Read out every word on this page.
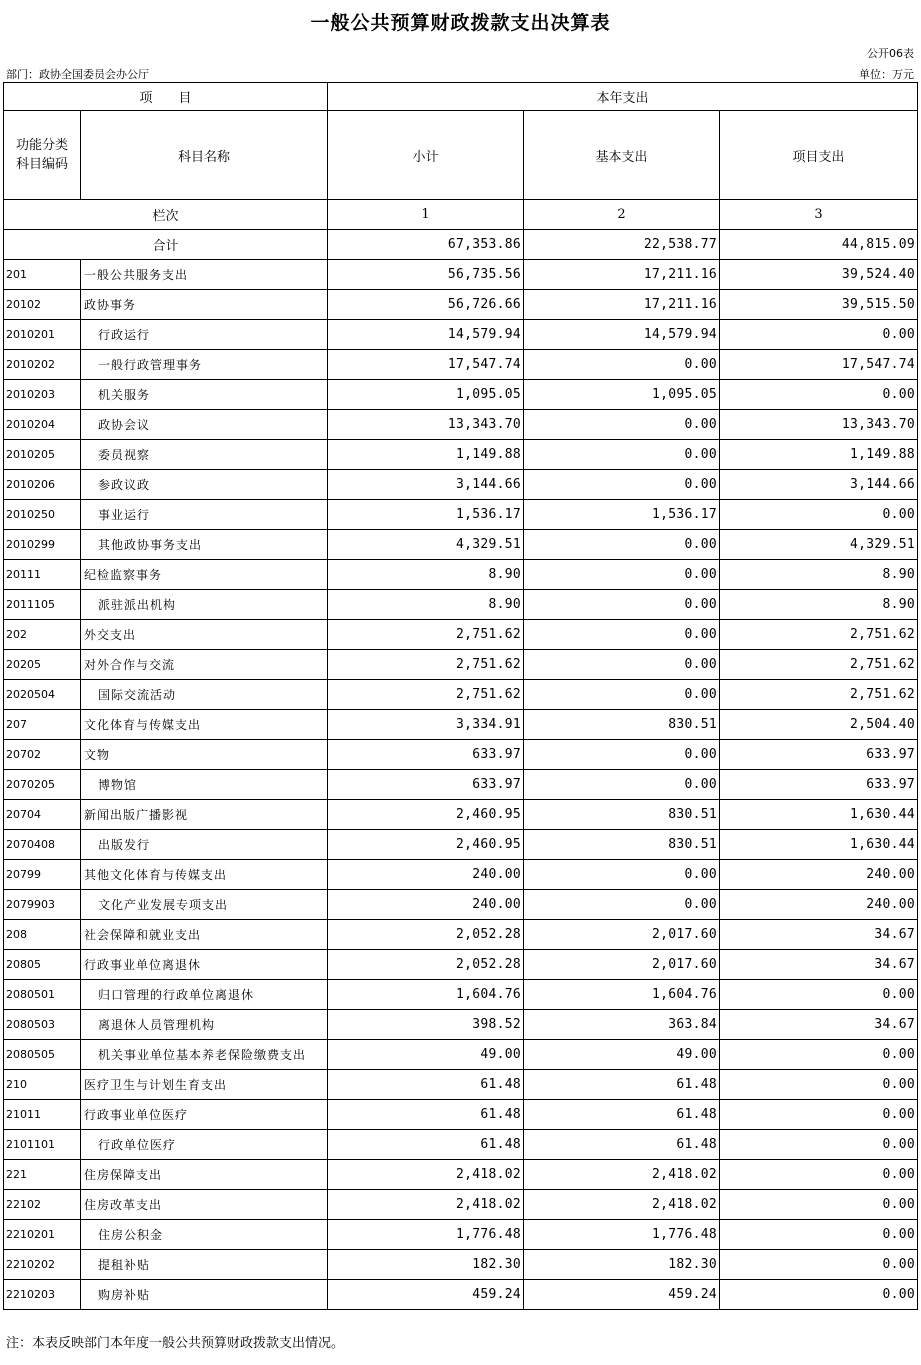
一般公共预算财政拨款支出决算表
公开06表
部门：政协全国委员会办公厅	单位：万元
项　　目		本年支出		
功能分类科目编码	科目名称	小计	基本支出	项目支出
栏次		1	2	3
合计		67,353.86	22,538.77	44,815.09
201	一般公共服务支出	56,735.56	17,211.16	39,524.40
20102	政协事务	56,726.66	17,211.16	39,515.50
2010201	行政运行	14,579.94	14,579.94	0.00
2010202	一般行政管理事务	17,547.74	0.00	17,547.74
2010203	机关服务	1,095.05	1,095.05	0.00
2010204	政协会议	13,343.70	0.00	13,343.70
2010205	委员视察	1,149.88	0.00	1,149.88
2010206	参政议政	3,144.66	0.00	3,144.66
2010250	事业运行	1,536.17	1,536.17	0.00
2010299	其他政协事务支出	4,329.51	0.00	4,329.51
20111	纪检监察事务	8.90	0.00	8.90
2011105	派驻派出机构	8.90	0.00	8.90
202	外交支出	2,751.62	0.00	2,751.62
20205	对外合作与交流	2,751.62	0.00	2,751.62
2020504	国际交流活动	2,751.62	0.00	2,751.62
207	文化体育与传媒支出	3,334.91	830.51	2,504.40
20702	文物	633.97	0.00	633.97
2070205	博物馆	633.97	0.00	633.97
20704	新闻出版广播影视	2,460.95	830.51	1,630.44
2070408	出版发行	2,460.95	830.51	1,630.44
20799	其他文化体育与传媒支出	240.00	0.00	240.00
2079903	文化产业发展专项支出	240.00	0.00	240.00
208	社会保障和就业支出	2,052.28	2,017.60	34.67
20805	行政事业单位离退休	2,052.28	2,017.60	34.67
2080501	归口管理的行政单位离退休	1,604.76	1,604.76	0.00
2080503	离退休人员管理机构	398.52	363.84	34.67
2080505	机关事业单位基本养老保险缴费支出	49.00	49.00	0.00
210	医疗卫生与计划生育支出	61.48	61.48	0.00
21011	行政事业单位医疗	61.48	61.48	0.00
2101101	行政单位医疗	61.48	61.48	0.00
221	住房保障支出	2,418.02	2,418.02	0.00
22102	住房改革支出	2,418.02	2,418.02	0.00
2210201	住房公积金	1,776.48	1,776.48	0.00
2210202	提租补贴	182.30	182.30	0.00
2210203	购房补贴	459.24	459.24	0.00
注：本表反映部门本年度一般公共预算财政拨款支出情况。
